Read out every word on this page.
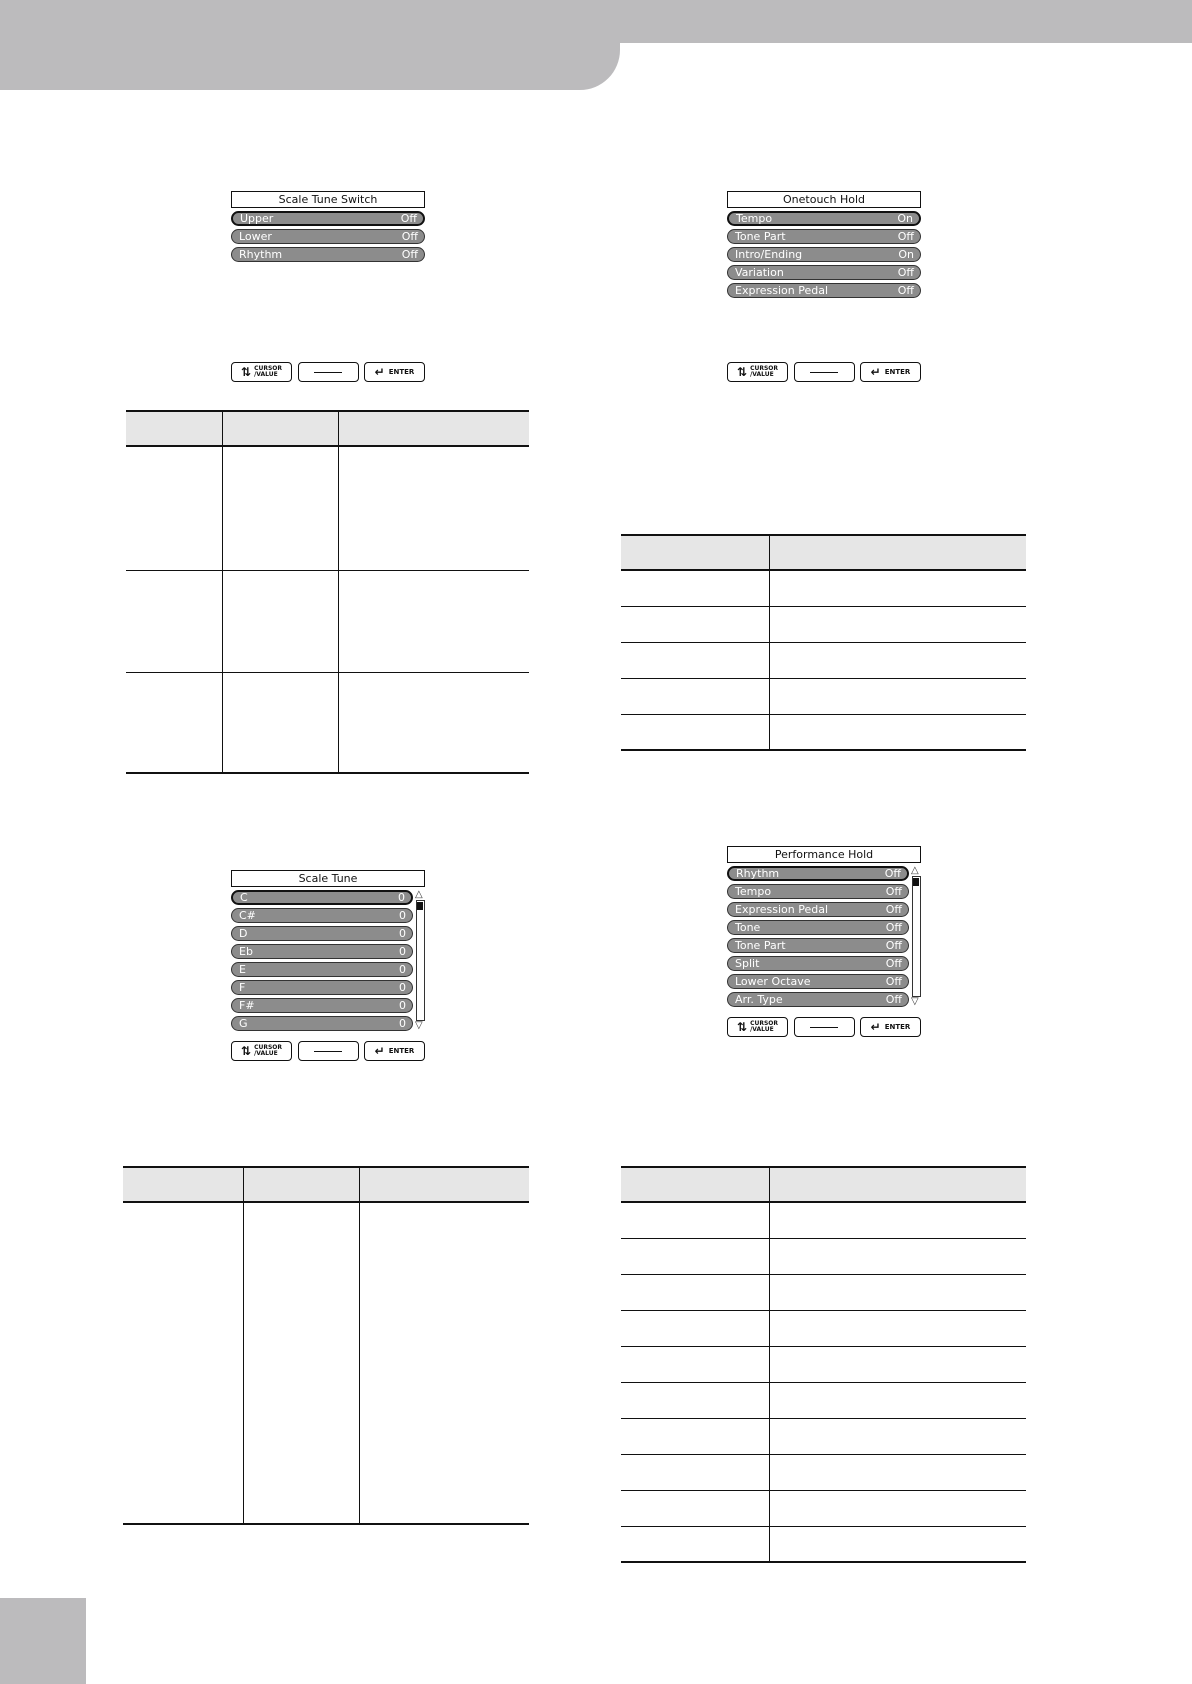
Scale Tune Switch
Upper	Off
Lower	Off
Rhythm	Off
⇅ CURSOR
/VALUE	↵ ENTER
Onetouch Hold
Tempo	On
Tone Part	Off
Intro/Ending	On
Variation	Off
Expression Pedal	Off
⇅ CURSOR
/VALUE	↵ ENTER
Scale Tune
C	0
C#	0
D	0
Eb	0
E	0
F	0
F#	0
G	0
△
▽
⇅ CURSOR
/VALUE	↵ ENTER
Performance Hold
Rhythm	Off
Tempo	Off
Expression Pedal	Off
Tone	Off
Tone Part	Off
Split	Off
Lower Octave	Off
Arr. Type	Off
△
▽
⇅ CURSOR
/VALUE	↵ ENTER
